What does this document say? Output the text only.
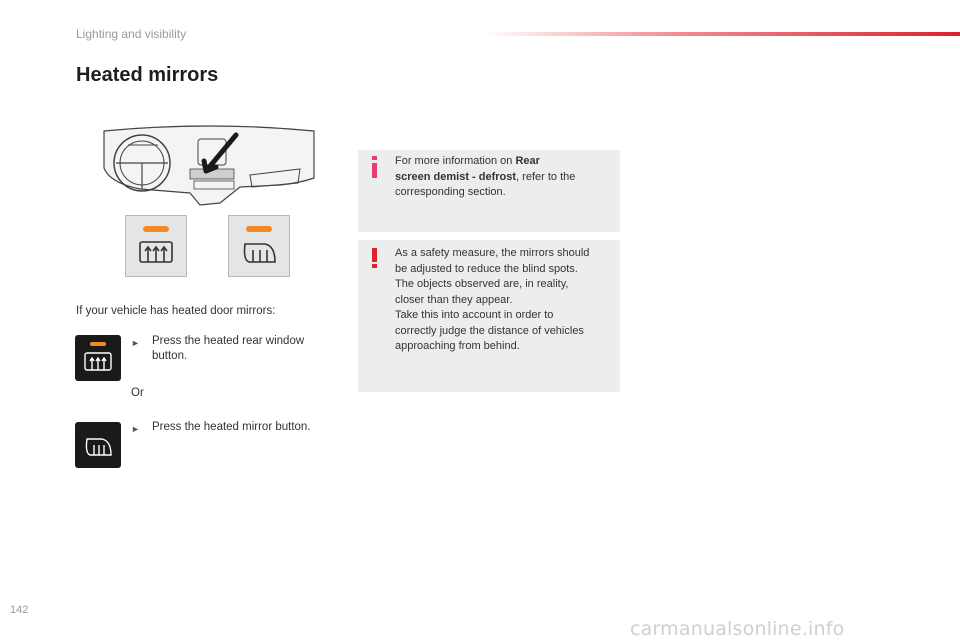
Lighting and visibility
Heated mirrors
If your vehicle has heated door mirrors:
► Press the heated rear window
button.
Or
► Press the heated mirror button.
For more information on Rear
screen demist - defrost, refer to the
corresponding section.
As a safety measure, the mirrors should
be adjusted to reduce the blind spots.
The objects observed are, in reality,
closer than they appear.
Take this into account in order to
correctly judge the distance of vehicles
approaching from behind.
142
carmanualsonline.info
